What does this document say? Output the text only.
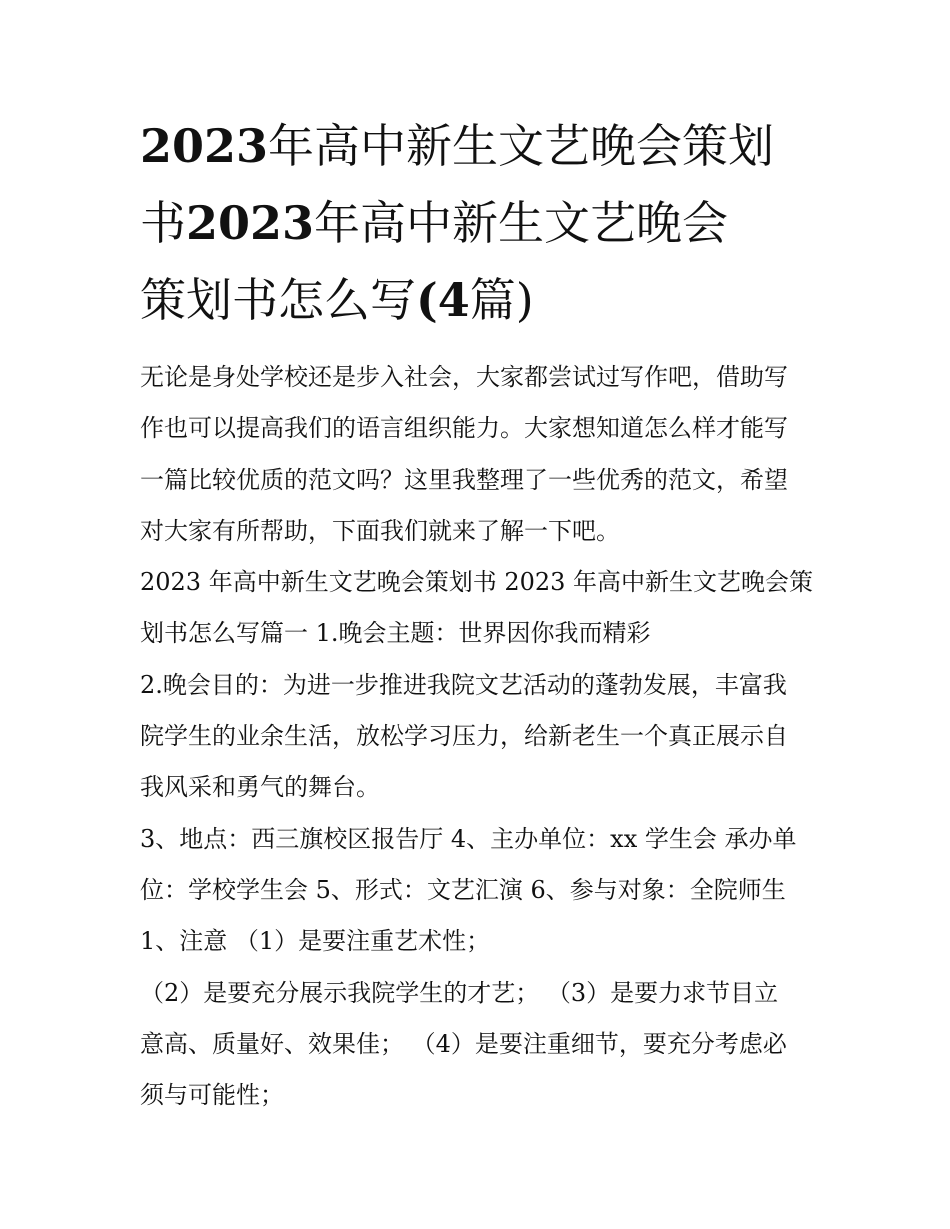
2023年高中新生文艺晚会策划
书2023年高中新生文艺晚会
策划书怎么写(4篇)
无论是身处学校还是步入社会，大家都尝试过写作吧，借助写
作也可以提高我们的语言组织能力。大家想知道怎么样才能写
一篇比较优质的范文吗？这里我整理了一些优秀的范文，希望
对大家有所帮助，下面我们就来了解一下吧。
2023 年高中新生文艺晚会策划书 2023 年高中新生文艺晚会策
划书怎么写篇一 1.晚会主题：世界因你我而精彩
2.晚会目的：为进一步推进我院文艺活动的蓬勃发展，丰富我
院学生的业余生活，放松学习压力，给新老生一个真正展示自
我风采和勇气的舞台。
3、地点：西三旗校区报告厅 4、主办单位：xx 学生会 承办单
位：学校学生会 5、形式：文艺汇演 6、参与对象：全院师生
1、注意 （1）是要注重艺术性；
（2）是要充分展示我院学生的才艺； （3）是要力求节目立
意高、质量好、效果佳； （4）是要注重细节，要充分考虑必
须与可能性；
